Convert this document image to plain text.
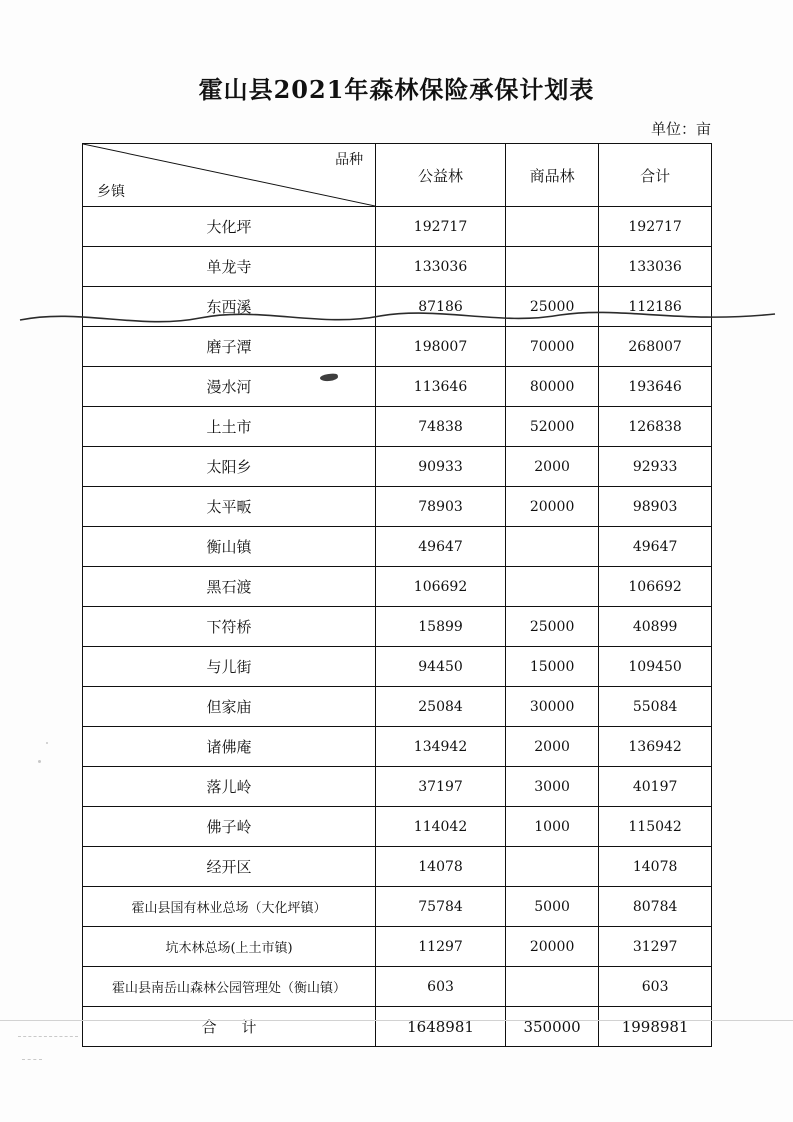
霍山县2021年森林保险承保计划表
单位：亩
品种
乡镇	公益林	商品林	合计
大化坪	192717		192717
单龙寺	133036		133036
东西溪	87186	25000	112186
磨子潭	198007	70000	268007
漫水河	113646	80000	193646
上土市	74838	52000	126838
太阳乡	90933	2000	92933
太平畈	78903	20000	98903
衡山镇	49647		49647
黑石渡	106692		106692
下符桥	15899	25000	40899
与儿街	94450	15000	109450
但家庙	25084	30000	55084
诸佛庵	134942	2000	136942
落儿岭	37197	3000	40197
佛子岭	114042	1000	115042
经开区	14078		14078
霍山县国有林业总场（大化坪镇）	75784	5000	80784
坑木林总场(上土市镇)	11297	20000	31297
霍山县南岳山森林公园管理处（衡山镇）	603		603
合 计	1648981	350000	1998981
